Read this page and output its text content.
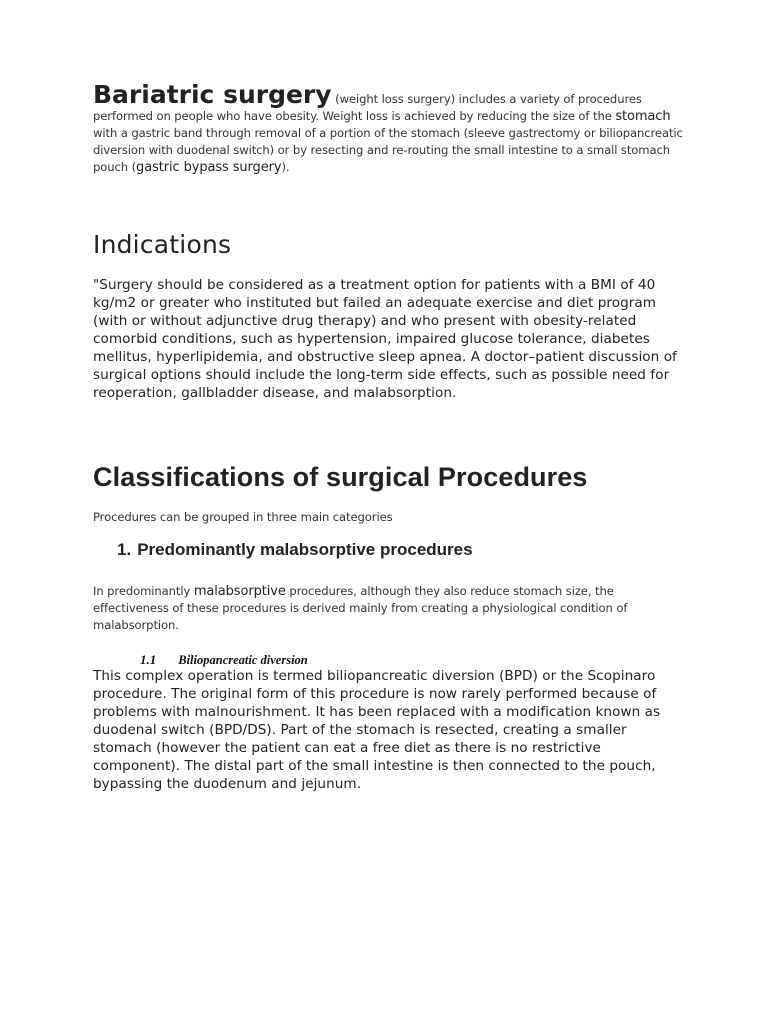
Bariatric surgery (weight loss surgery) includes a variety of procedures performed on people who have obesity. Weight loss is achieved by reducing the size of the stomach with a gastric band through removal of a portion of the stomach (sleeve gastrectomy or biliopancreatic diversion with duodenal switch) or by resecting and re-routing the small intestine to a small stomach pouch (gastric bypass surgery).

Indications

"Surgery should be considered as a treatment option for patients with a BMI of 40 kg/m2 or greater who instituted but failed an adequate exercise and diet program (with or without adjunctive drug therapy) and who present with obesity-related comorbid conditions, such as hypertension, impaired glucose tolerance, diabetes mellitus, hyperlipidemia, and obstructive sleep apnea. A doctor–patient discussion of surgical options should include the long-term side effects, such as possible need for reoperation, gallbladder disease, and malabsorption.

Classifications of surgical Procedures
Procedures can be grouped in three main categories
1. Predominantly malabsorptive procedures

In predominantly malabsorptive procedures, although they also reduce stomach size, the effectiveness of these procedures is derived mainly from creating a physiological condition of malabsorption.

1.1 Biliopancreatic diversion

This complex operation is termed biliopancreatic diversion (BPD) or the Scopinaro procedure. The original form of this procedure is now rarely performed because of problems with malnourishment. It has been replaced with a modification known as duodenal switch (BPD/DS). Part of the stomach is resected, creating a smaller stomach (however the patient can eat a free diet as there is no restrictive component). The distal part of the small intestine is then connected to the pouch, bypassing the duodenum and jejunum.
